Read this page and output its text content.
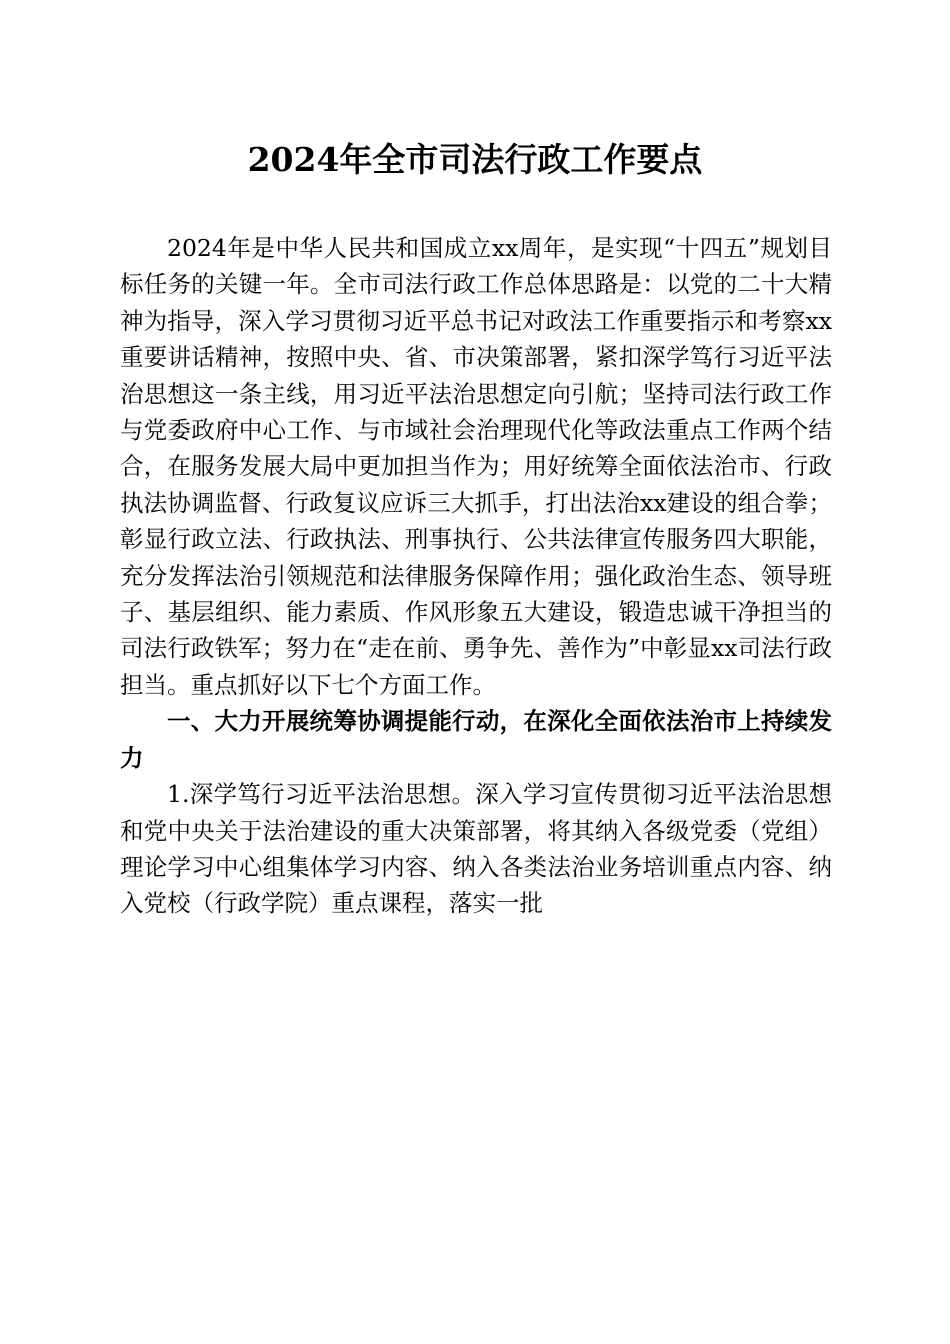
2024年全市司法行政工作要点

2024年是中华人民共和国成立xx周年，是实现“十四五”规划目标任务的关键一年。全市司法行政工作总体思路是：以党的二十大精神为指导，深入学习贯彻习近平总书记对政法工作重要指示和考察xx重要讲话精神，按照中央、省、市决策部署，紧扣深学笃行习近平法治思想这一条主线，用习近平法治思想定向引航；坚持司法行政工作与党委政府中心工作、与市域社会治理现代化等政法重点工作两个结合，在服务发展大局中更加担当作为；用好统筹全面依法治市、行政执法协调监督、行政复议应诉三大抓手，打出法治xx建设的组合拳；彰显行政立法、行政执法、刑事执行、公共法律宣传服务四大职能，充分发挥法治引领规范和法律服务保障作用；强化政治生态、领导班子、基层组织、能力素质、作风形象五大建设，锻造忠诚干净担当的司法行政铁军；努力在“走在前、勇争先、善作为”中彰显xx司法行政担当。重点抓好以下七个方面工作。

一、大力开展统筹协调提能行动，在深化全面依法治市上持续发力

1.深学笃行习近平法治思想。深入学习宣传贯彻习近平法治思想和党中央关于法治建设的重大决策部署，将其纳入各级党委（党组）理论学习中心组集体学习内容、纳入各类法治业务培训重点内容、纳入党校（行政学院）重点课程，落实一批
